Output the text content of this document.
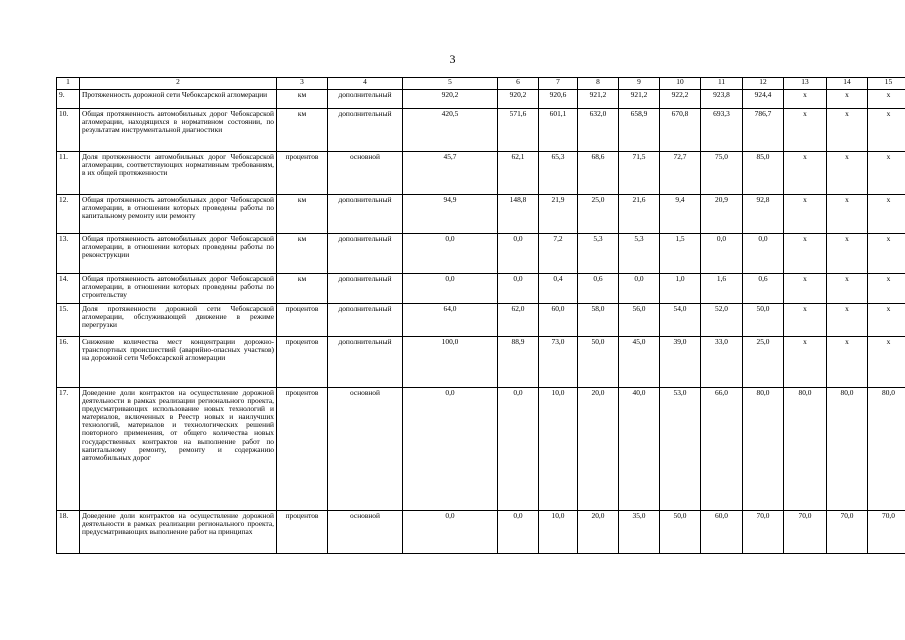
3
1	2	3	4	5	6	7	8	9	10	11	12	13	14	15
9.	Протяженность дорожной сети Чебоксарской агломерации	км	дополнительный	920,2	920,2	920,6	921,2	921,2	922,2	923,8	924,4	х	х	х
10.	Общая протяженность автомобильных дорог Чебоксарской агломерации, находящихся в нормативном состоянии, по результатам инструментальной диагностики	км	дополнительный	420,5	571,6	601,1	632,0	658,9	670,8	693,3	786,7	х	х	х
11.	Доля протяженности автомобильных дорог Чебоксарской агломерации, соответствующих нормативным требованиям, в их общей протяженности	процентов	основной	45,7	62,1	65,3	68,6	71,5	72,7	75,0	85,0	х	х	х
12.	Общая протяженность автомобильных дорог Чебоксарской агломерации, в отношении которых проведены работы по капитальному ремонту или ремонту	км	дополнительный	94,9	148,8	21,9	25,0	21,6	9,4	20,9	92,8	х	х	х
13.	Общая протяженность автомобильных дорог Чебоксарской агломерации, в отношении которых проведены работы по реконструкции	км	дополнительный	0,0	0,0	7,2	5,3	5,3	1,5	0,0	0,0	х	х	х
14.	Общая протяженность автомобильных дорог Чебоксарской агломерации, в отношении которых проведены работы по строительству	км	дополнительный	0,0	0,0	0,4	0,6	0,0	1,0	1,6	0,6	х	х	х
15.	Доля протяженности дорожной сети Чебоксарской агломерации, обслуживающей движение в режиме перегрузки	процентов	дополнительный	64,0	62,0	60,0	58,0	56,0	54,0	52,0	50,0	х	х	х
16.	Снижение количества мест концентрации дорожно-транспортных происшествий (аварийно-опасных участков) на дорожной сети Чебоксарской агломерации	процентов	дополнительный	100,0	88,9	73,0	50,0	45,0	39,0	33,0	25,0	х	х	х
17.	Доведение доли контрактов на осуществление дорожной деятельности в рамках реализации регионального проекта, предусматривающих использование новых технологий и материалов, включенных в Реестр новых и наилучших технологий, материалов и технологических решений повторного применения, от общего количества новых государственных контрактов на выполнение работ по капитальному ремонту, ремонту и содержанию автомобильных дорог	процентов	основной	0,0	0,0	10,0	20,0	40,0	53,0	66,0	80,0	80,0	80,0	80,0
18.	Доведение доли контрактов на осуществление дорожной деятельности в рамках реализации регионального проекта, предусматривающих выполнение работ на принципах	процентов	основной	0,0	0,0	10,0	20,0	35,0	50,0	60,0	70,0	70,0	70,0	70,0
